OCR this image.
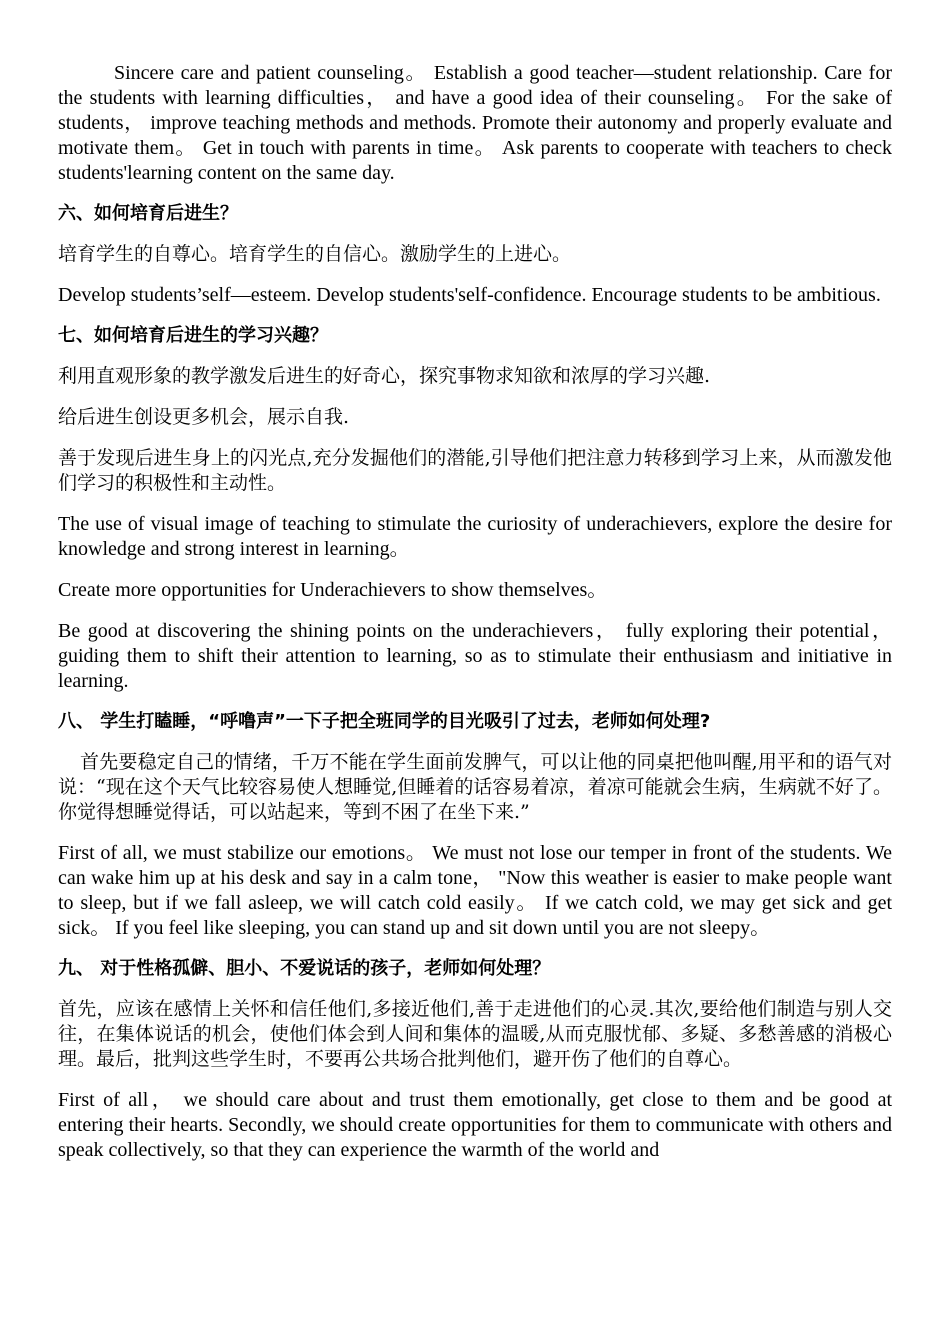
Sincere care and patient counseling。 Establish a good teacher—student relationship. Care for the students with learning difficulties， and have a good idea of their counseling。 For the sake of students， improve teaching methods and methods. Promote their autonomy and properly evaluate and motivate them。 Get in touch with parents in time。 Ask parents to cooperate with teachers to check students'learning content on the same day.

六、如何培育后进生？

培育学生的自尊心。培育学生的自信心。激励学生的上进心。

Develop students’self—esteem. Develop students'self-confidence. Encourage students to be ambitious.

七、如何培育后进生的学习兴趣？

利用直观形象的教学激发后进生的好奇心，探究事物求知欲和浓厚的学习兴趣.

给后进生创设更多机会，展示自我.

善于发现后进生身上的闪光点,充分发掘他们的潜能,引导他们把注意力转移到学习上来，从而激发他们学习的积极性和主动性。

The use of visual image of teaching to stimulate the curiosity of underachievers, explore the desire for knowledge and strong interest in learning。

Create more opportunities for Underachievers to show themselves。

Be good at discovering the shining points on the underachievers， fully exploring their potential， guiding them to shift their attention to learning, so as to stimulate their enthusiasm and initiative in learning.

八、 学生打瞌睡，“呼噜声”一下子把全班同学的目光吸引了过去，老师如何处理?

首先要稳定自己的情绪，千万不能在学生面前发脾气，可以让他的同桌把他叫醒,用平和的语气对说：“现在这个天气比较容易使人想睡觉,但睡着的话容易着凉，着凉可能就会生病，生病就不好了。你觉得想睡觉得话，可以站起来，等到不困了在坐下来.”

First of all, we must stabilize our emotions。 We must not lose our temper in front of the students. We can wake him up at his desk and say in a calm tone， "Now this weather is easier to make people want to sleep, but if we fall asleep, we will catch cold easily。 If we catch cold, we may get sick and get sick。 If you feel like sleeping, you can stand up and sit down until you are not sleepy。

九、 对于性格孤僻、胆小、不爱说话的孩子，老师如何处理？

首先，应该在感情上关怀和信任他们,多接近他们,善于走进他们的心灵.其次,要给他们制造与别人交往，在集体说话的机会，使他们体会到人间和集体的温暖,从而克服忧郁、多疑、多愁善感的消极心理。最后，批判这些学生时，不要再公共场合批判他们，避开伤了他们的自尊心。

First of all， we should care about and trust them emotionally, get close to them and be good at entering their hearts. Secondly, we should create opportunities for them to communicate with others and speak collectively, so that they can experience the warmth of the world and
